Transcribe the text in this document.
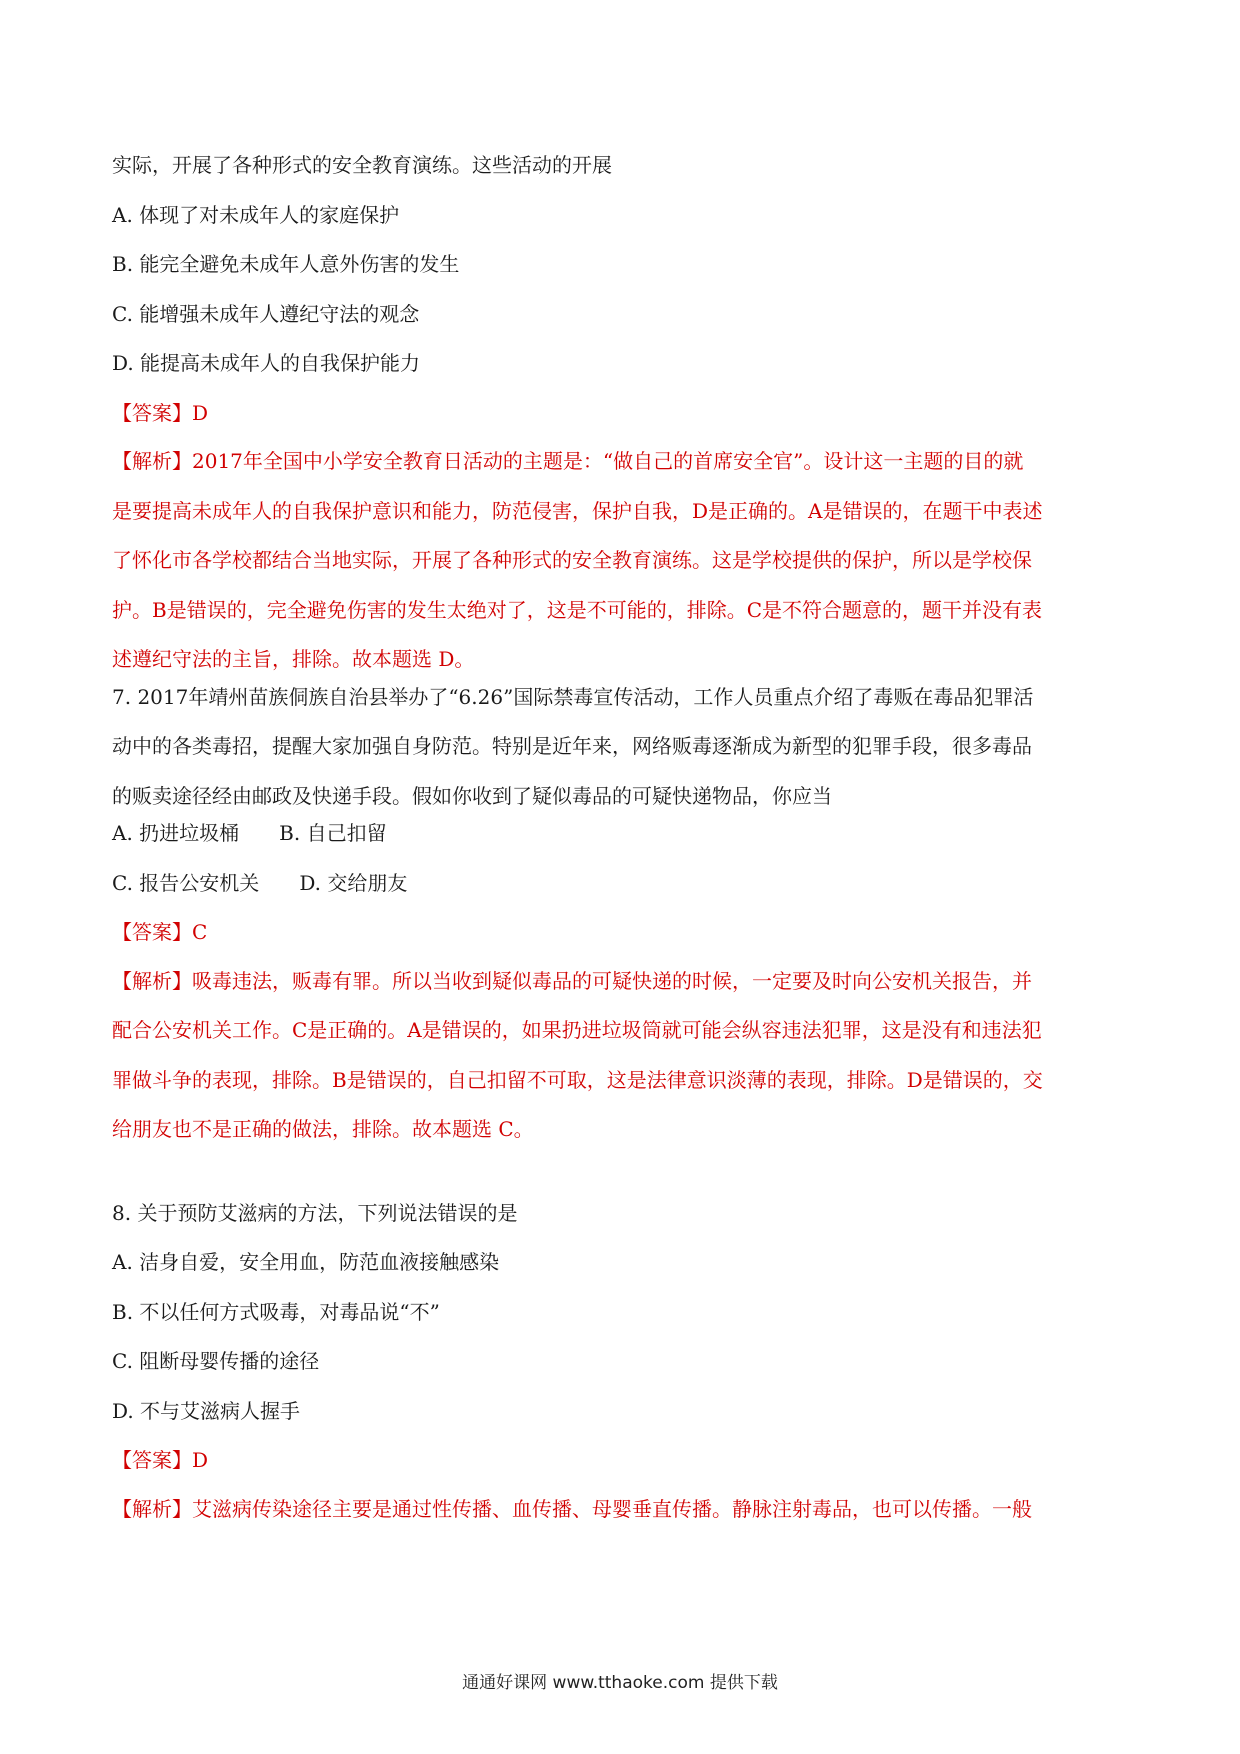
实际，开展了各种形式的安全教育演练。这些活动的开展
A. 体现了对未成年人的家庭保护
B. 能完全避免未成年人意外伤害的发生
C. 能增强未成年人遵纪守法的观念
D. 能提高未成年人的自我保护能力
【答案】D
【解析】2017年全国中小学安全教育日活动的主题是：“做自己的首席安全官”。设计这一主题的目的就
是要提高未成年人的自我保护意识和能力，防范侵害，保护自我，D是正确的。A是错误的，在题干中表述
了怀化市各学校都结合当地实际，开展了各种形式的安全教育演练。这是学校提供的保护，所以是学校保
护。B是错误的，完全避免伤害的发生太绝对了，这是不可能的，排除。C是不符合题意的，题干并没有表
述遵纪守法的主旨，排除。故本题选 D。
7. 2017年靖州苗族侗族自治县举办了“6.26”国际禁毒宣传活动，工作人员重点介绍了毒贩在毒品犯罪活
动中的各类毒招，提醒大家加强自身防范。特别是近年来，网络贩毒逐渐成为新型的犯罪手段，很多毒品
的贩卖途径经由邮政及快递手段。假如你收到了疑似毒品的可疑快递物品，你应当
A. 扔进垃圾桶 B. 自己扣留
C. 报告公安机关 D. 交给朋友
【答案】C
【解析】吸毒违法，贩毒有罪。所以当收到疑似毒品的可疑快递的时候，一定要及时向公安机关报告，并
配合公安机关工作。C是正确的。A是错误的，如果扔进垃圾筒就可能会纵容违法犯罪，这是没有和违法犯
罪做斗争的表现，排除。B是错误的，自己扣留不可取，这是法律意识淡薄的表现，排除。D是错误的，交
给朋友也不是正确的做法，排除。故本题选 C。
8. 关于预防艾滋病的方法，下列说法错误的是
A. 洁身自爱，安全用血，防范血液接触感染
B. 不以任何方式吸毒，对毒品说“不”
C. 阻断母婴传播的途径
D. 不与艾滋病人握手
【答案】D
【解析】艾滋病传染途径主要是通过性传播、血传播、母婴垂直传播。静脉注射毒品，也可以传播。一般
通通好课网 www.tthaoke.com 提供下载
